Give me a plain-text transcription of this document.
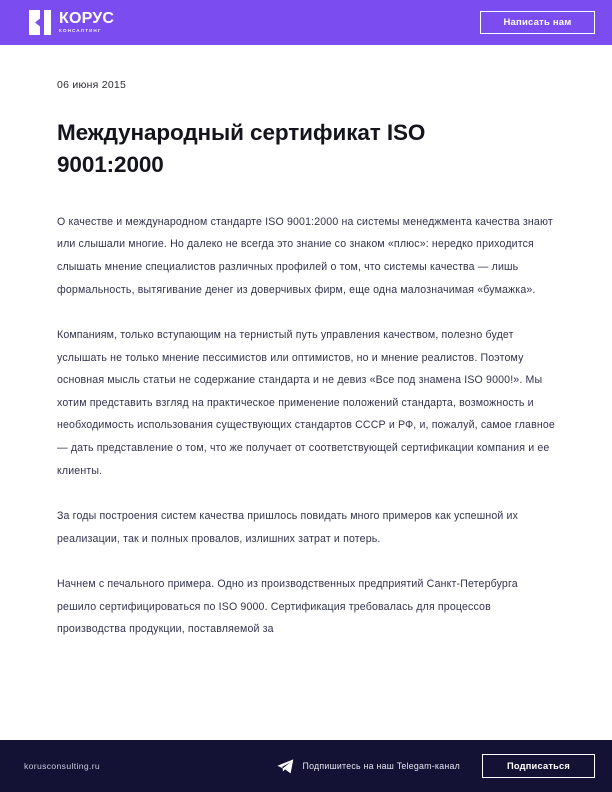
КОРУС
КОНСАЛТИНГ
Написать нам
06 июня 2015
Международный сертификат ISO 9001:2000

О качестве и международном стандарте ISO 9001:2000 на системы менеджмента качества знают или слышали многие. Но далеко не всегда это знание со знаком «плюс»: нередко приходится слышать мнение специалистов различных профилей о том, что системы качества — лишь формальность, вытягивание денег из доверчивых фирм, еще одна малозначимая «бумажка».

Компаниям, только вступающим на тернистый путь управления качеством, полезно будет услышать не только мнение пессимистов или оптимистов, но и мнение реалистов. Поэтому основная мысль статьи не содержание стандарта и не девиз «Все под знамена ISO 9000!». Мы хотим представить взгляд на практическое применение положений стандарта, возможность и необходимость использования существующих стандартов СССР и РФ, и, пожалуй, самое главное — дать представление о том, что же получает от соответствующей сертификации компания и ее клиенты.

За годы построения систем качества пришлось повидать много примеров как успешной их реализации, так и полных провалов, излишних затрат и потерь.

Начнем с печального примера. Одно из производственных предприятий Санкт-Петербурга решило сертифицироваться по ISO 9000. Сертификация требовалась для процессов производства продукции, поставляемой за

korusconsulting.ru	Подпишитесь на наш Telegam-канал	Подписаться
